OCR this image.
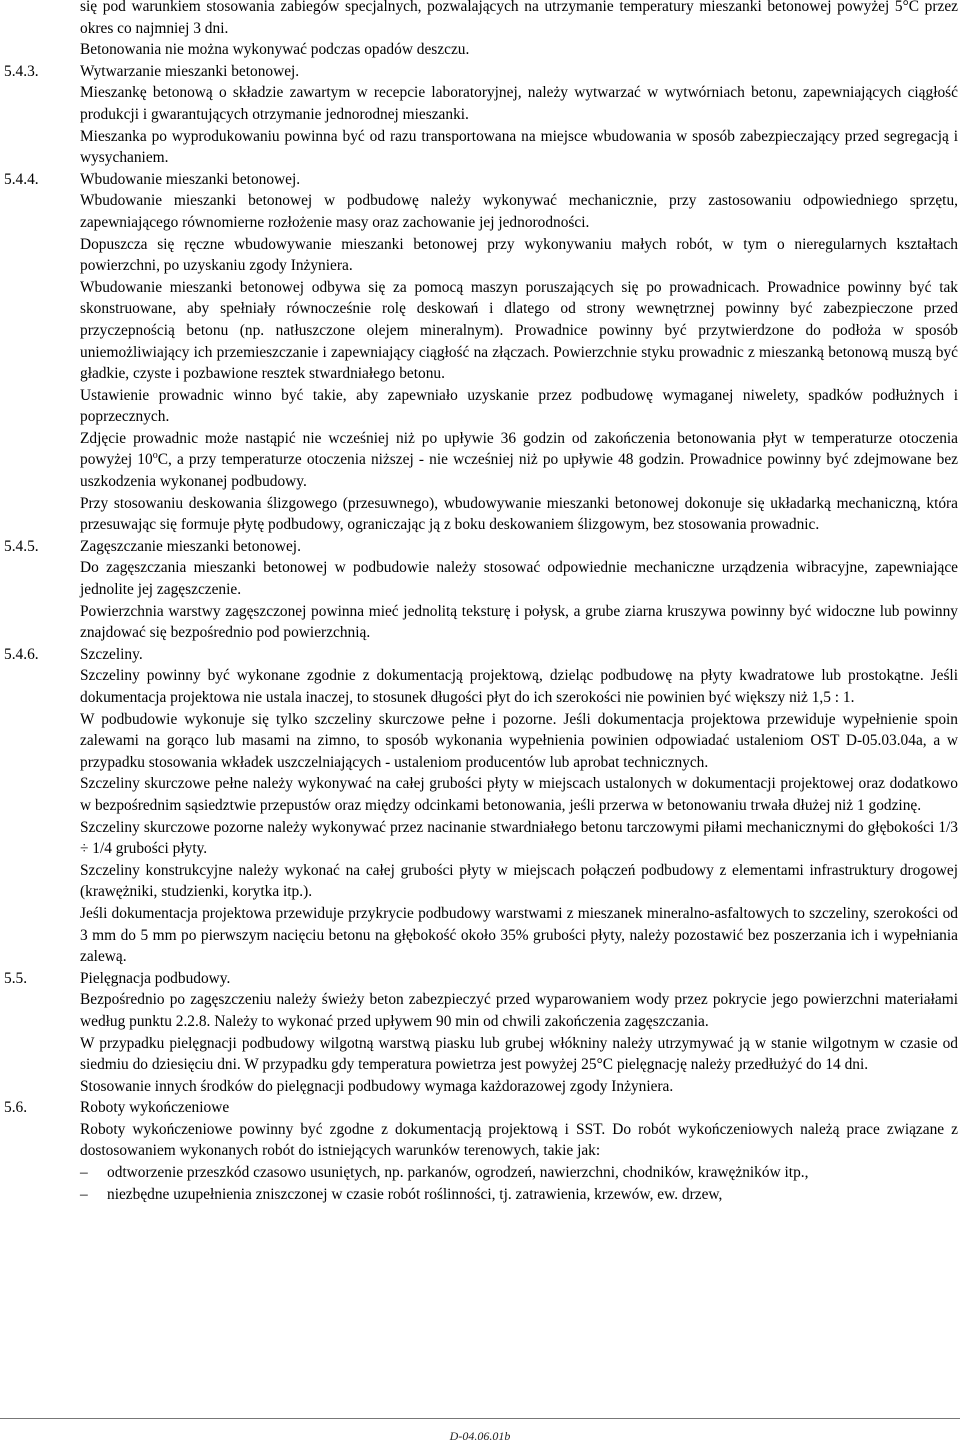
się pod warunkiem stosowania zabiegów specjalnych, pozwalających na utrzymanie temperatury mieszanki betonowej powyżej 5°C przez okres co najmniej 3 dni.
Betonowania nie można wykonywać podczas opadów deszczu.
5.4.3.	Wytwarzanie mieszanki betonowej.
Mieszankę betonową o składzie zawartym w recepcie laboratoryjnej, należy wytwarzać w wytwórniach betonu, zapewniających ciągłość produkcji i gwarantujących otrzymanie jednorodnej mieszanki.
Mieszanka po wyprodukowaniu powinna być od razu transportowana na miejsce wbudowania w sposób zabezpieczający przed segregacją i wysychaniem.
5.4.4.	Wbudowanie mieszanki betonowej.
Wbudowanie mieszanki betonowej w podbudowę należy wykonywać mechanicznie, przy zastosowaniu odpowiedniego sprzętu, zapewniającego równomierne rozłożenie masy oraz zachowanie jej jednorodności.
Dopuszcza się ręczne wbudowywanie mieszanki betonowej przy wykonywaniu małych robót, w tym o nieregularnych kształtach powierzchni, po uzyskaniu zgody Inżyniera.
Wbudowanie mieszanki betonowej odbywa się za pomocą maszyn poruszających się po prowadnicach. Prowadnice powinny być tak skonstruowane, aby spełniały równocześnie rolę deskowań i dlatego od strony wewnętrznej powinny być zabezpieczone przed przyczepnością betonu (np. natłuszczone olejem mineralnym). Prowadnice powinny być przytwierdzone do podłoża w sposób uniemożliwiający ich przemieszczanie i zapewniający ciągłość na złączach. Powierzchnie styku prowadnic z mieszanką betonową muszą być gładkie, czyste i pozbawione resztek stwardniałego betonu.
Ustawienie prowadnic winno być takie, aby zapewniało uzyskanie przez podbudowę wymaganej niwelety, spadków podłużnych i poprzecznych.
Zdjęcie prowadnic może nastąpić nie wcześniej niż po upływie 36 godzin od zakończenia betonowania płyt w temperaturze otoczenia powyżej 10$^o$C, a przy temperaturze otoczenia niższej - nie wcześniej niż po upływie 48 godzin. Prowadnice powinny być zdejmowane bez uszkodzenia wykonanej podbudowy.
Przy stosowaniu deskowania ślizgowego (przesuwnego), wbudowywanie mieszanki betonowej dokonuje się układarką mechaniczną, która przesuwając się formuje płytę podbudowy, ograniczając ją z boku deskowaniem ślizgowym, bez stosowania prowadnic.
5.4.5.	Zagęszczanie mieszanki betonowej.
Do zagęszczania mieszanki betonowej w podbudowie należy stosować odpowiednie mechaniczne urządzenia wibracyjne, zapewniające jednolite jej zagęszczenie.
Powierzchnia warstwy zagęszczonej powinna mieć jednolitą teksturę i połysk, a grube ziarna kruszywa powinny być widoczne lub powinny znajdować się bezpośrednio pod powierzchnią.
5.4.6.	Szczeliny.
Szczeliny powinny być wykonane zgodnie z dokumentacją projektową, dzieląc podbudowę na płyty kwadratowe lub prostokątne. Jeśli dokumentacja projektowa nie ustala inaczej, to stosunek długości płyt do ich szerokości nie powinien być większy niż 1,5 : 1.
W podbudowie wykonuje się tylko szczeliny skurczowe pełne i pozorne. Jeśli dokumentacja projektowa przewiduje wypełnienie spoin zalewami na gorąco lub masami na zimno, to sposób wykonania wypełnienia powinien odpowiadać ustaleniom OST D-05.03.04a, a w przypadku stosowania wkładek uszczelniających - ustaleniom producentów lub aprobat technicznych.
Szczeliny skurczowe pełne należy wykonywać na całej grubości płyty w miejscach ustalonych w dokumentacji projektowej oraz dodatkowo w bezpośrednim sąsiedztwie przepustów oraz między odcinkami betonowania, jeśli przerwa w betonowaniu trwała dłużej niż 1 godzinę.
Szczeliny skurczowe pozorne należy wykonywać przez nacinanie stwardniałego betonu tarczowymi piłami mechanicznymi do głębokości 1/3 ÷ 1/4 grubości płyty.
Szczeliny konstrukcyjne należy wykonać na całej grubości płyty w miejscach połączeń podbudowy z elementami infrastruktury drogowej (krawężniki, studzienki, korytka itp.).
Jeśli dokumentacja projektowa przewiduje przykrycie podbudowy warstwami z mieszanek mineralno-asfaltowych to szczeliny, szerokości od 3 mm do 5 mm po pierwszym nacięciu betonu na głębokość około 35% grubości płyty, należy pozostawić bez poszerzania ich i wypełniania zalewą.
5.5.	Pielęgnacja podbudowy.
Bezpośrednio po zagęszczeniu należy świeży beton zabezpieczyć przed wyparowaniem wody przez pokrycie jego powierzchni materiałami według punktu 2.2.8. Należy to wykonać przed upływem 90 min od chwili zakończenia zagęszczania.
W przypadku pielęgnacji podbudowy wilgotną warstwą piasku lub grubej włókniny należy utrzymywać ją w stanie wilgotnym w czasie od siedmiu do dziesięciu dni. W przypadku gdy temperatura powietrza jest powyżej 25°C pielęgnację należy przedłużyć do 14 dni.
Stosowanie innych środków do pielęgnacji podbudowy wymaga każdorazowej zgody Inżyniera.
5.6.	Roboty wykończeniowe
Roboty wykończeniowe powinny być zgodne z dokumentacją projektową i SST. Do robót wykończeniowych należą prace związane z dostosowaniem wykonanych robót do istniejących warunków terenowych, takie jak:
– odtworzenie przeszkód czasowo usuniętych, np. parkanów, ogrodzeń, nawierzchni, chodników, krawężników itp.,
– niezbędne uzupełnienia zniszczonej w czasie robót roślinności, tj. zatrawienia, krzewów, ew. drzew,
D-04.06.01b
